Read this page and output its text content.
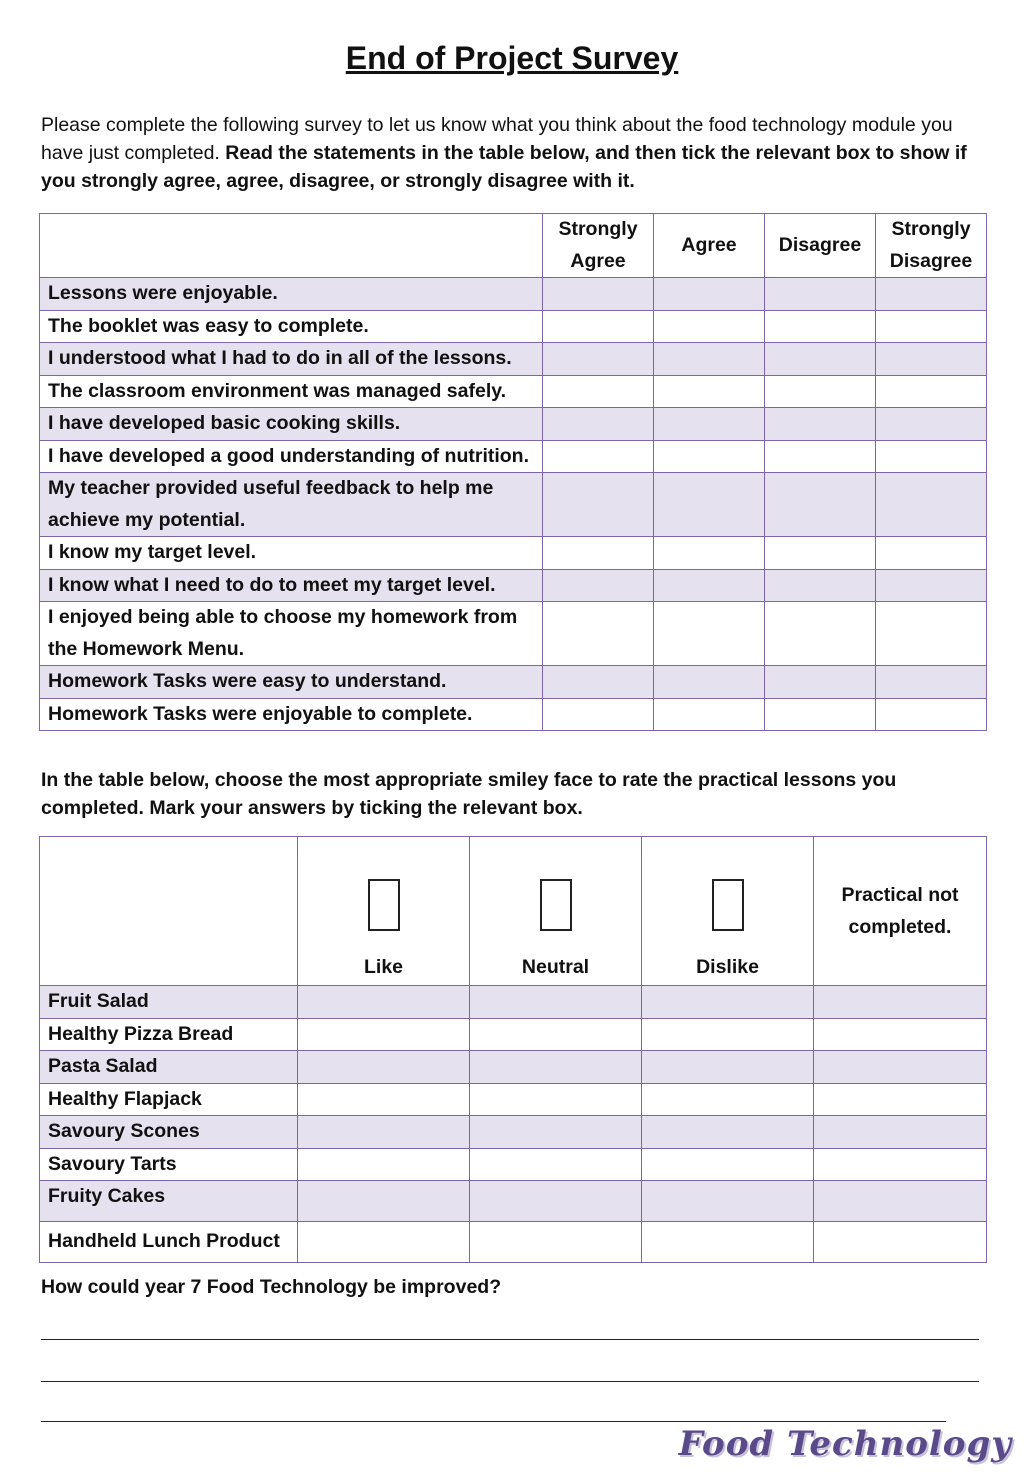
End of Project Survey
Please complete the following survey to let us know what you think about the food technology module you have just completed. Read the statements in the table below, and then tick the relevant box to show if you strongly agree, agree, disagree, or strongly disagree with it.
	Strongly Agree	Agree	Disagree	Strongly Disagree
Lessons were enjoyable.				
The booklet was easy to complete.				
I understood what I had to do in all of the lessons.				
The classroom environment was managed safely.				
I have developed basic cooking skills.				
I have developed a good understanding of nutrition.				
My teacher provided useful feedback to help me achieve my potential.				
I know my target level.				
I know what I need to do to meet my target level.				
I enjoyed being able to choose my homework from the Homework Menu.				
Homework Tasks were easy to understand.				
Homework Tasks were enjoyable to complete.				
In the table below, choose the most appropriate smiley face to rate the practical lessons you completed. Mark your answers by ticking the relevant box.

	Like	Neutral	Dislike	Practical not completed.
Fruit Salad				
Healthy Pizza Bread				
Pasta Salad				
Healthy Flapjack				
Savoury Scones				
Savoury Tarts				
Fruity Cakes				
Handheld Lunch Product				
How could year 7 Food Technology be improved?
Food Technology
